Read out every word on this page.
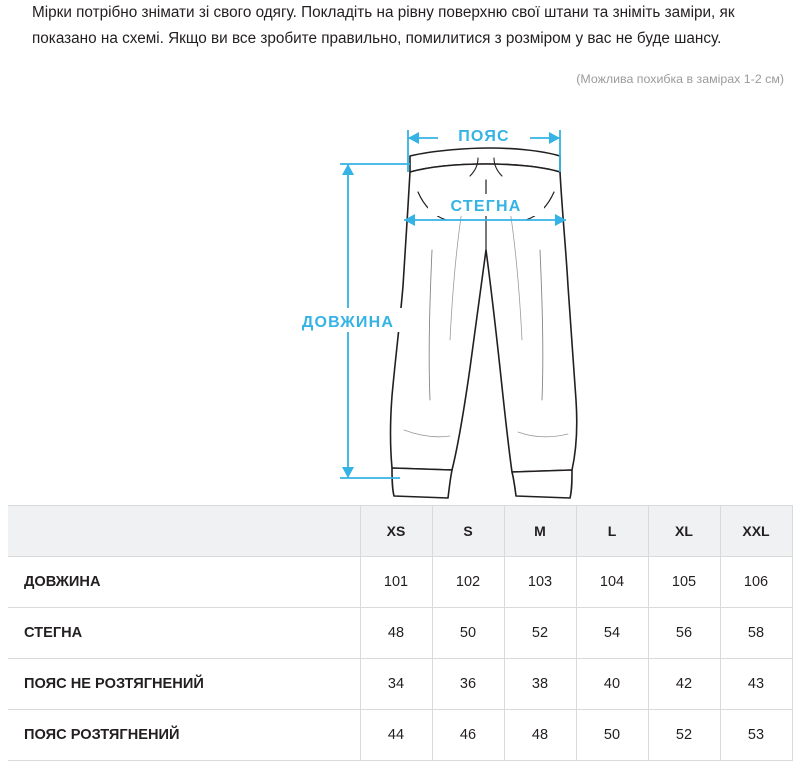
Мірки потрібно знімати зі свого одягу. Покладіть на рівну поверхню свої штани та зніміть заміри, як показано на схемі. Якщо ви все зробите правильно, помилитися з розміром у вас не буде шансу.
(Можлива похибка в замірах 1-2 см)
ПОЯС
СТЕГНА
ДОВЖИНА
	XS	S	M	L	XL	XXL
ДОВЖИНА	101	102	103	104	105	106
СТЕГНА	48	50	52	54	56	58
ПОЯС НЕ РОЗТЯГНЕНИЙ	34	36	38	40	42	43
ПОЯС РОЗТЯГНЕНИЙ	44	46	48	50	52	53
